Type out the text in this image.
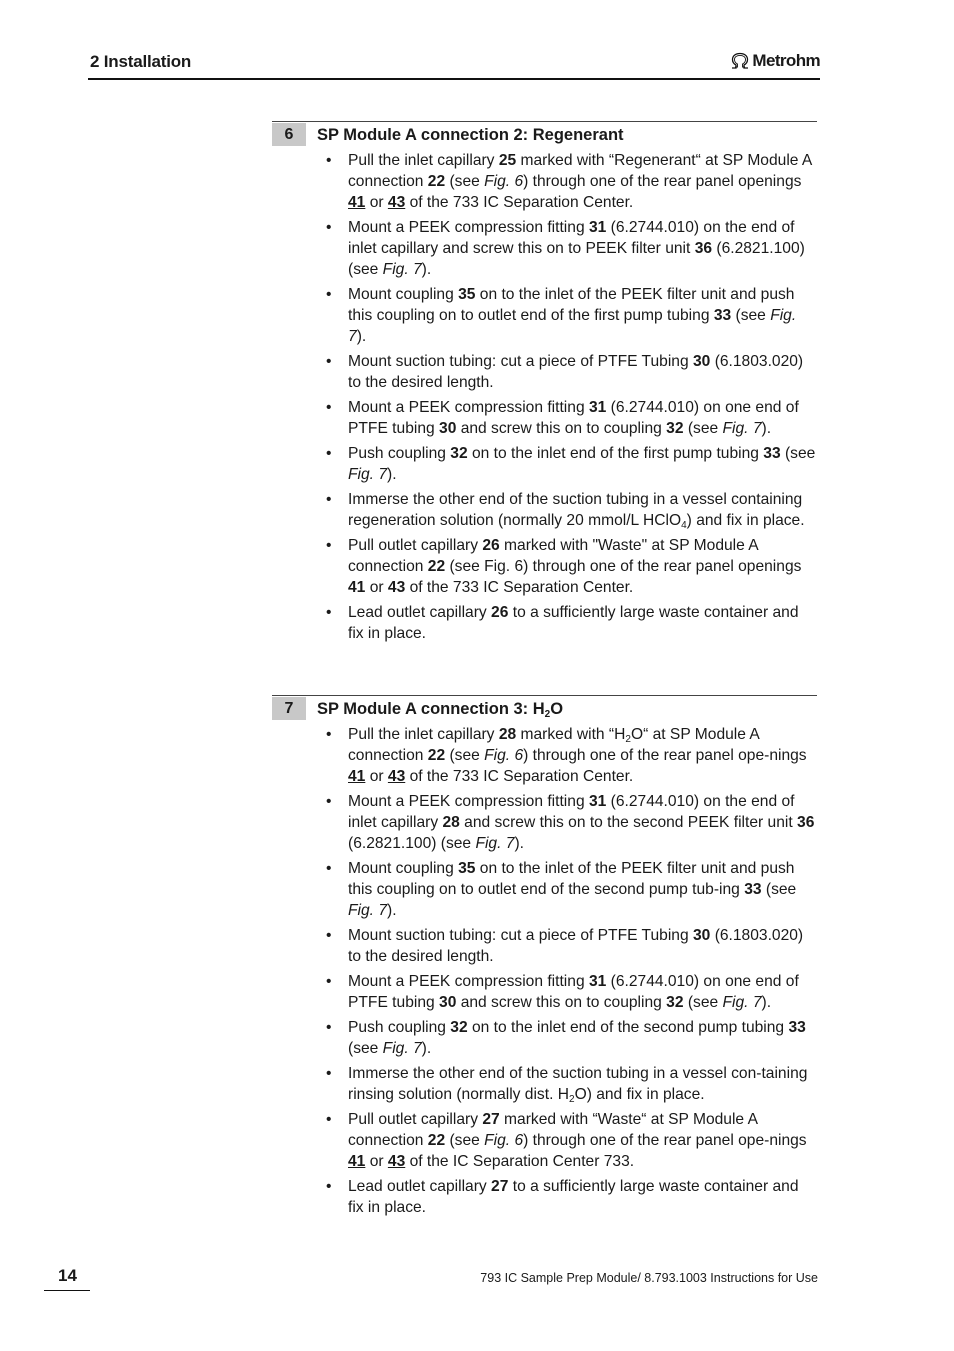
2 Installation	Metrohm
6	SP Module A connection 2: Regenerant
• Pull the inlet capillary 25 marked with “Regenerant“ at SP Module A connection 22 (see Fig. 6) through one of the rear panel openings 41 or 43 of the 733 IC Separation Center.
• Mount a PEEK compression fitting 31 (6.2744.010) on the end of inlet capillary and screw this on to PEEK filter unit 36 (6.2821.100) (see Fig. 7).
• Mount coupling 35 on to the inlet of the PEEK filter unit and push this coupling on to outlet end of the first pump tubing 33 (see Fig. 7).
• Mount suction tubing: cut a piece of PTFE Tubing 30 (6.1803.020) to the desired length.
• Mount a PEEK compression fitting 31 (6.2744.010) on one end of PTFE tubing 30 and screw this on to coupling 32 (see Fig. 7).
• Push coupling 32 on to the inlet end of the first pump tubing 33 (see Fig. 7).
• Immerse the other end of the suction tubing in a vessel containing regeneration solution (normally 20 mmol/L HClO$_4$) and fix in place.
• Pull outlet capillary 26 marked with "Waste" at SP Module A connection 22 (see Fig. 6) through one of the rear panel openings 41 or 43 of the 733 IC Separation Center.
• Lead outlet capillary 26 to a sufficiently large waste container and fix in place.
7	SP Module A connection 3: $H_2O$
• Pull the inlet capillary 28 marked with “$H_2O“$ at SP Module A connection 22 (see Fig. 6) through one of the rear panel ope-nings 41 or 43 of the 733 IC Separation Center.
• Mount a PEEK compression fitting 31 (6.2744.010) on the end of inlet capillary 28 and screw this on to the second PEEK filter unit 36 (6.2821.100) (see Fig. 7).
• Mount coupling 35 on to the inlet of the PEEK filter unit and push this coupling on to outlet end of the second pump tub-ing 33 (see Fig. 7).
• Mount suction tubing: cut a piece of PTFE Tubing 30 (6.1803.020) to the desired length.
• Mount a PEEK compression fitting 31 (6.2744.010) on one end of PTFE tubing 30 and screw this on to coupling 32 (see Fig. 7).
• Push coupling 32 on to the inlet end of the second pump tubing 33 (see Fig. 7).
• Immerse the other end of the suction tubing in a vessel con-taining rinsing solution (normally dist. $H_2O$) and fix in place.
• Pull outlet capillary 27 marked with “Waste“ at SP Module A connection 22 (see Fig. 6) through one of the rear panel ope-nings 41 or 43 of the IC Separation Center 733.
• Lead outlet capillary 27 to a sufficiently large waste container and fix in place.
14	793 IC Sample Prep Module/ 8.793.1003 Instructions for Use
